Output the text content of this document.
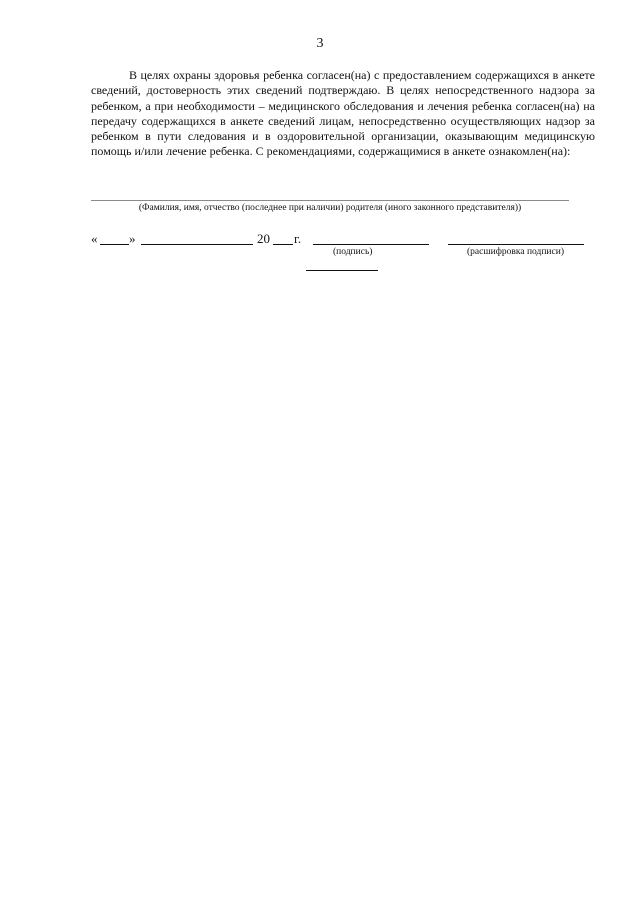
3

В целях охраны здоровья ребенка согласен(на) с предоставлением содержащихся в анкете сведений, достоверность этих сведений подтверждаю. В целях непосредственного надзора за ребенком, а при необходимости – медицинского обследования и лечения ребенка согласен(на) на передачу содержащихся в анкете сведений лицам, непосредственно осуществляющих надзор за ребенком в пути следования и в оздоровительной организации, оказывающим медицинскую помощь и/или лечение ребенка. С рекомендациями, содержащимися в анкете ознакомлен(на):

(Фамилия, имя, отчество (последнее при наличии) родителя (иного законного представителя))
« »	20 г.
(подпись)	(расшифровка подписи)
